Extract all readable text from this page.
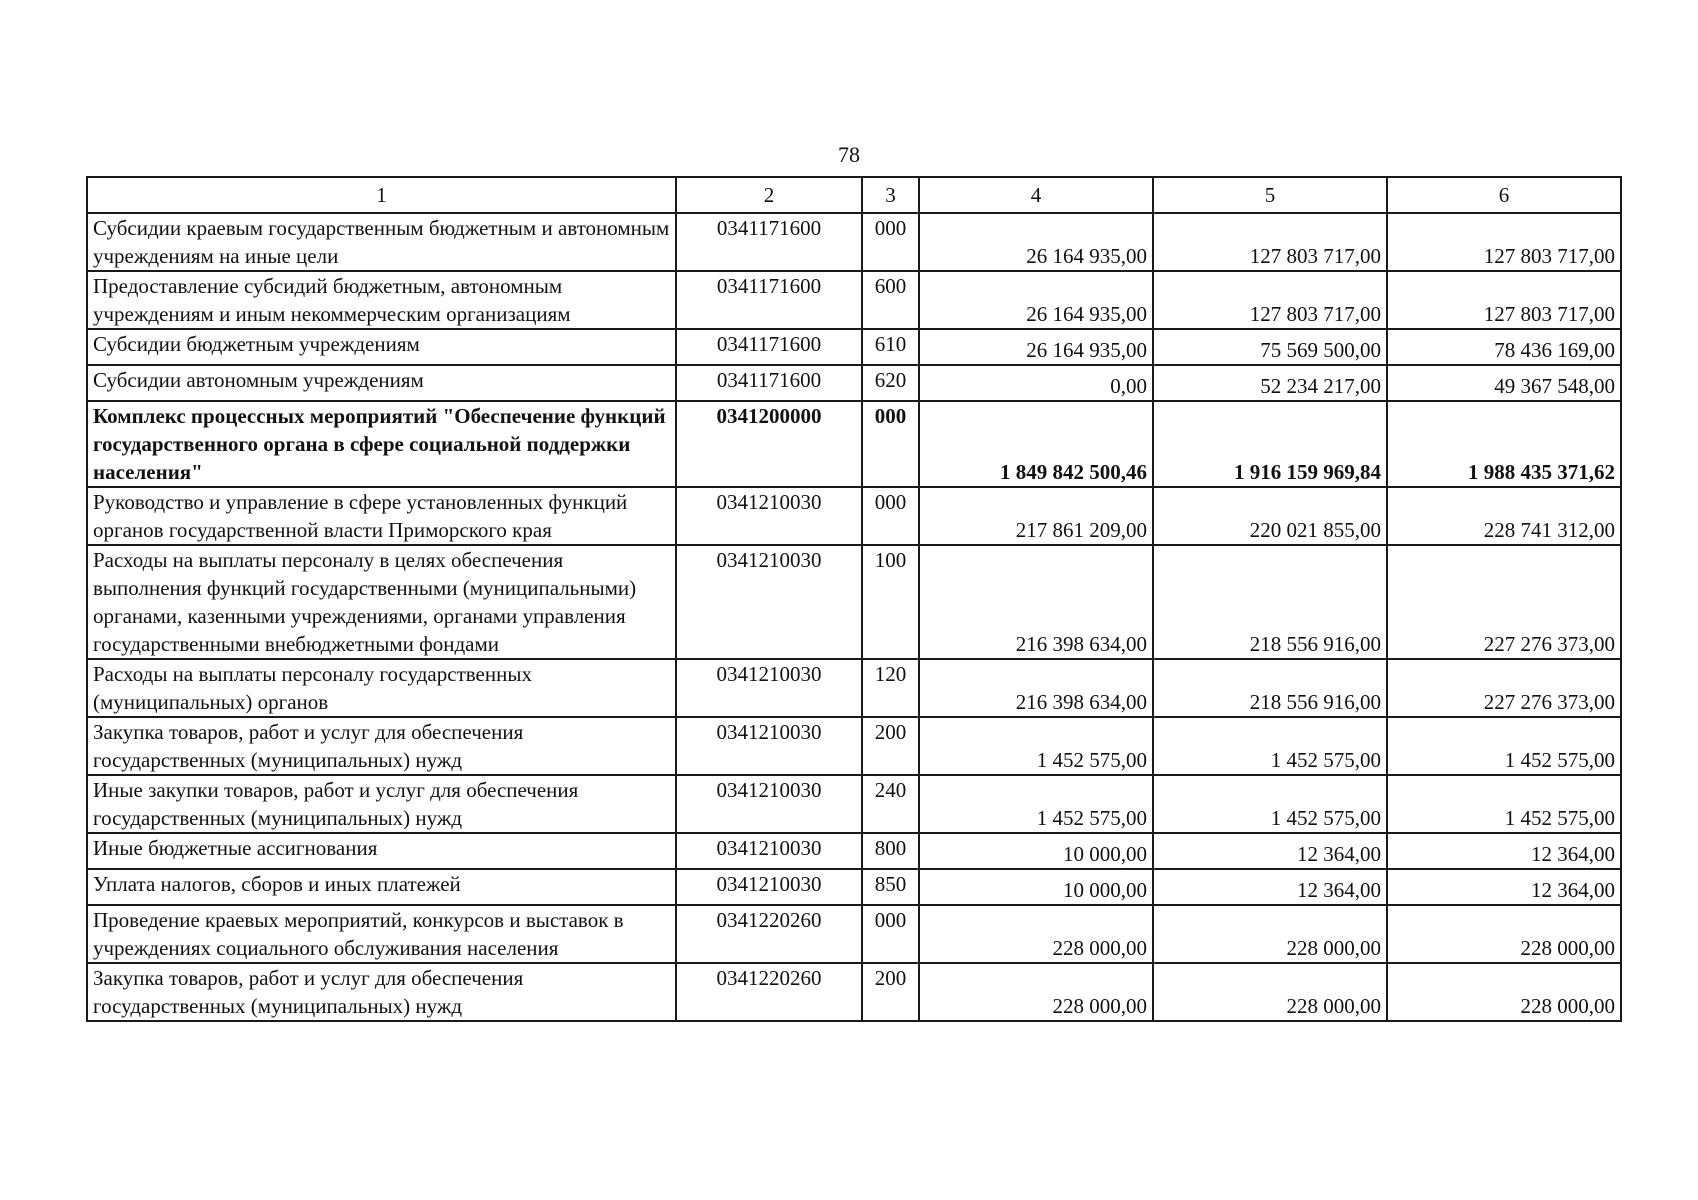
78
1	2	3	4	5	6
Субсидии краевым государственным бюджетным и автономным учреждениям на иные цели	0341171600	000	26 164 935,00	127 803 717,00	127 803 717,00
Предоставление субсидий бюджетным, автономным учреждениям и иным некоммерческим организациям	0341171600	600	26 164 935,00	127 803 717,00	127 803 717,00
Субсидии бюджетным учреждениям	0341171600	610	26 164 935,00	75 569 500,00	78 436 169,00
Субсидии автономным учреждениям	0341171600	620	0,00	52 234 217,00	49 367 548,00
Комплекс процессных мероприятий "Обеспечение функций государственного органа в сфере социальной поддержки населения"	0341200000	000	1 849 842 500,46	1 916 159 969,84	1 988 435 371,62
Руководство и управление в сфере установленных функций органов государственной власти Приморского края	0341210030	000	217 861 209,00	220 021 855,00	228 741 312,00
Расходы на выплаты персоналу в целях обеспечения выполнения функций государственными (муниципальными) органами, казенными учреждениями, органами управления государственными внебюджетными фондами	0341210030	100	216 398 634,00	218 556 916,00	227 276 373,00
Расходы на выплаты персоналу государственных (муниципальных) органов	0341210030	120	216 398 634,00	218 556 916,00	227 276 373,00
Закупка товаров, работ и услуг для обеспечения государственных (муниципальных) нужд	0341210030	200	1 452 575,00	1 452 575,00	1 452 575,00
Иные закупки товаров, работ и услуг для обеспечения государственных (муниципальных) нужд	0341210030	240	1 452 575,00	1 452 575,00	1 452 575,00
Иные бюджетные ассигнования	0341210030	800	10 000,00	12 364,00	12 364,00
Уплата налогов, сборов и иных платежей	0341210030	850	10 000,00	12 364,00	12 364,00
Проведение краевых мероприятий, конкурсов и выставок в учреждениях социального обслуживания населения	0341220260	000	228 000,00	228 000,00	228 000,00
Закупка товаров, работ и услуг для обеспечения государственных (муниципальных) нужд	0341220260	200	228 000,00	228 000,00	228 000,00
